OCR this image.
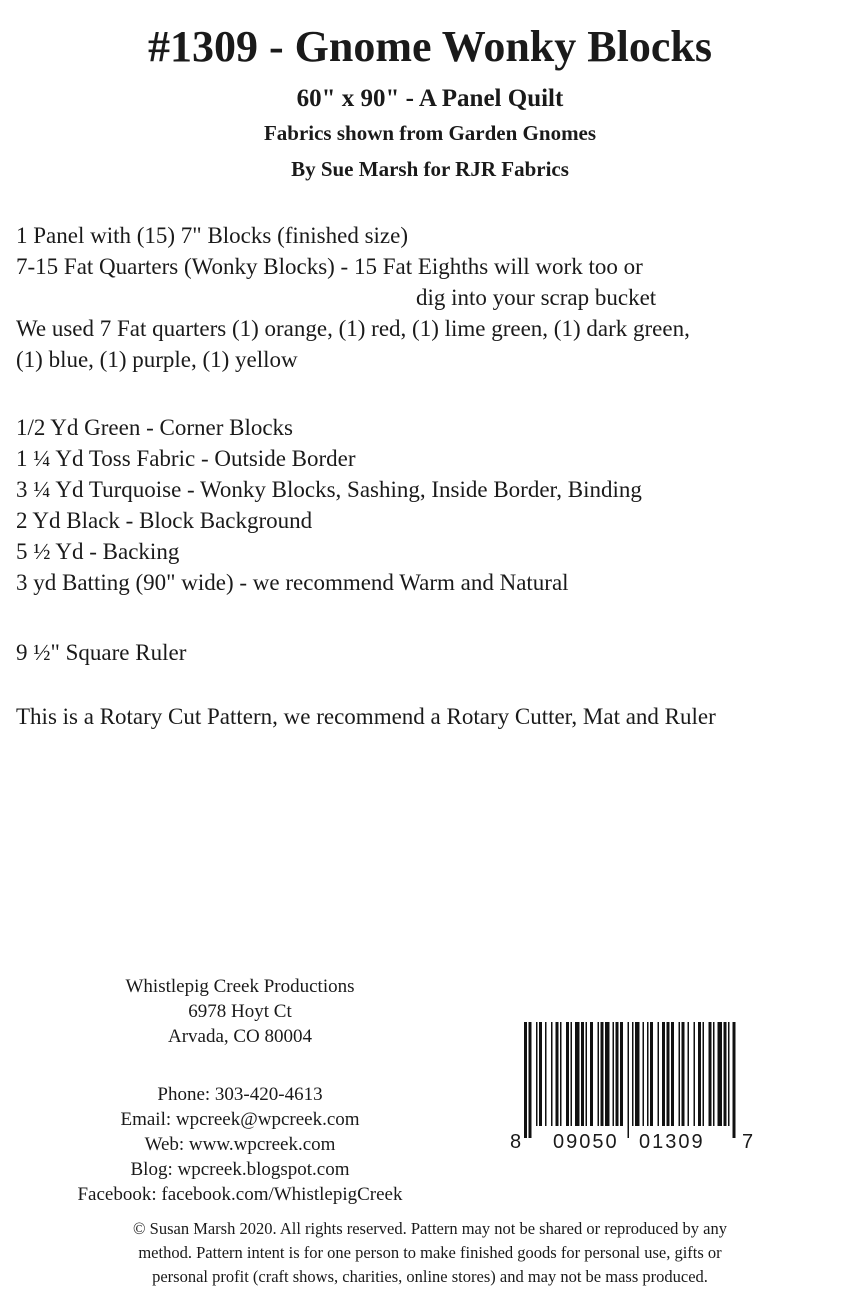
#1309 - Gnome Wonky Blocks
60" x 90" - A Panel Quilt
Fabrics shown from Garden Gnomes
By Sue Marsh for RJR Fabrics
1 Panel with (15) 7" Blocks (finished size)
7-15 Fat Quarters (Wonky Blocks) - 15 Fat Eighths will work too or
dig into your scrap bucket
We used 7 Fat quarters (1) orange, (1) red, (1) lime green, (1) dark green,
(1) blue, (1) purple, (1) yellow
1/2 Yd Green - Corner Blocks
1 ¼ Yd Toss Fabric - Outside Border
3 ¼ Yd Turquoise - Wonky Blocks, Sashing, Inside Border, Binding
2 Yd Black - Block Background
5 ½ Yd - Backing
3 yd Batting (90" wide) - we recommend Warm and Natural
9 ½" Square Ruler
This is a Rotary Cut Pattern, we recommend a Rotary Cutter, Mat and Ruler
Whistlepig Creek Productions
6978 Hoyt Ct
Arvada, CO 80004
Phone: 303-420-4613
Email: wpcreek@wpcreek.com
Web: www.wpcreek.com
Blog: wpcreek.blogspot.com
Facebook: facebook.com/WhistlepigCreek
8 09050 01309 7
© Susan Marsh 2020. All rights reserved. Pattern may not be shared or reproduced by any
method. Pattern intent is for one person to make finished goods for personal use, gifts or
personal profit (craft shows, charities, online stores) and may not be mass produced.
